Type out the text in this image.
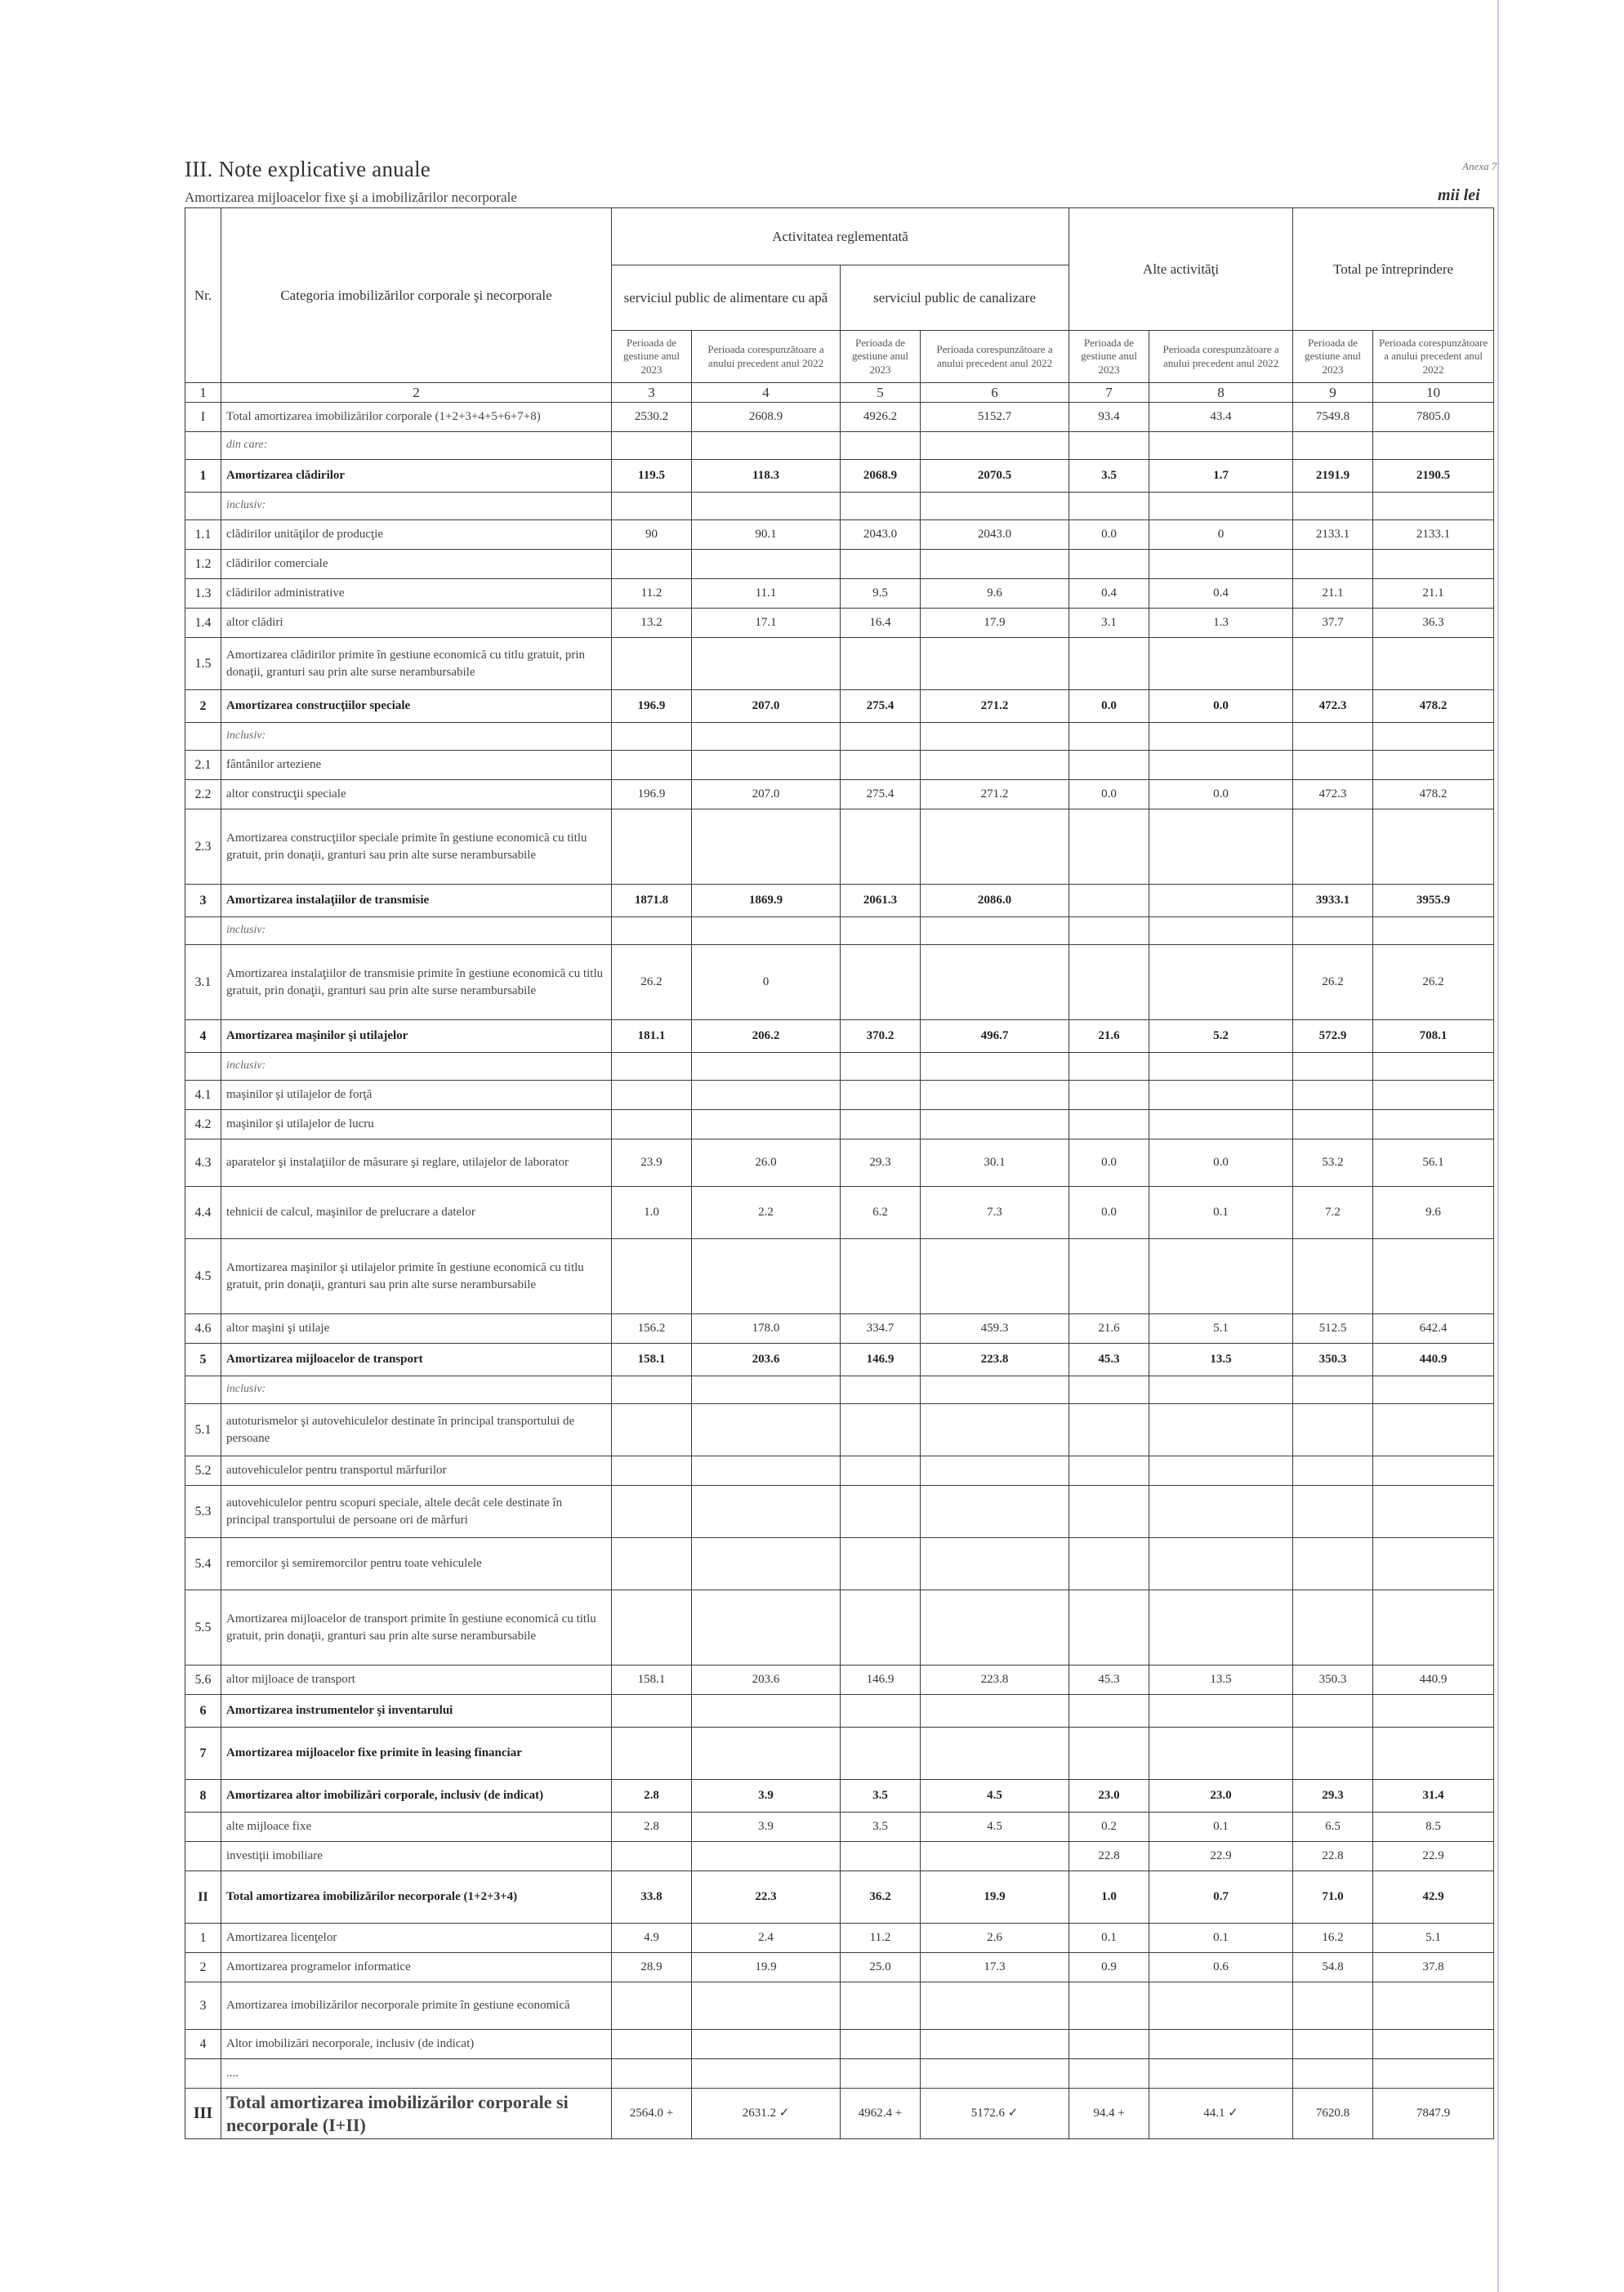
Anexa 7
III. Note explicative anuale
Amortizarea mijloacelor fixe şi a imobilizărilor necorporale	mii lei
Nr.	Categoria imobilizărilor corporale şi necorporale	Activitatea reglementată				Alte activităţi		Total pe întreprindere	
		serviciul public de alimentare cu apă		serviciul public de canalizare					
		Perioada de gestiune anul 2023	Perioada corespunzătoare a anului precedent anul 2022	Perioada de gestiune anul 2023	Perioada corespunzătoare a anului precedent anul 2022	Perioada de gestiune anul 2023	Perioada corespunzătoare a anului precedent anul 2022	Perioada de gestiune anul 2023	Perioada corespunzătoare a anului precedent anul 2022
1	2	3	4	5	6	7	8	9	10
I	Total amortizarea imobilizărilor corporale (1+2+3+4+5+6+7+8)	2530.2	2608.9	4926.2	5152.7	93.4	43.4	7549.8	7805.0
	din care:								
1	Amortizarea clădirilor	119.5	118.3	2068.9	2070.5	3.5	1.7	2191.9	2190.5
	inclusiv:								
1.1	clădirilor unităţilor de producţie	90	90.1	2043.0	2043.0	0.0	0	2133.1	2133.1
1.2	clădirilor comerciale								
1.3	clădirilor administrative	11.2	11.1	9.5	9.6	0.4	0.4	21.1	21.1
1.4	altor clădiri	13.2	17.1	16.4	17.9	3.1	1.3	37.7	36.3
1.5	Amortizarea clădirilor primite în gestiune economică cu titlu gratuit, prin donaţii, granturi sau prin alte surse nerambursabile								
2	Amortizarea construcţiilor speciale	196.9	207.0	275.4	271.2	0.0	0.0	472.3	478.2
	inclusiv:								
2.1	fântânilor arteziene								
2.2	altor construcţii speciale	196.9	207.0	275.4	271.2	0.0	0.0	472.3	478.2
2.3	Amortizarea construcţiilor speciale primite în gestiune economică cu titlu gratuit, prin donaţii, granturi sau prin alte surse nerambursabile								
3	Amortizarea instalaţiilor de transmisie	1871.8	1869.9	2061.3	2086.0			3933.1	3955.9
	inclusiv:								
3.1	Amortizarea instalaţiilor de transmisie primite în gestiune economică cu titlu gratuit, prin donaţii, granturi sau prin alte surse nerambursabile	26.2	0					26.2	26.2
4	Amortizarea maşinilor şi utilajelor	181.1	206.2	370.2	496.7	21.6	5.2	572.9	708.1
	inclusiv:								
4.1	maşinilor şi utilajelor de forţă								
4.2	maşinilor şi utilajelor de lucru								
4.3	aparatelor şi instalaţiilor de măsurare şi reglare, utilajelor de laborator	23.9	26.0	29.3	30.1	0.0	0.0	53.2	56.1
4.4	tehnicii de calcul, maşinilor de prelucrare a datelor	1.0	2.2	6.2	7.3	0.0	0.1	7.2	9.6
4.5	Amortizarea maşinilor şi utilajelor primite în gestiune economică cu titlu gratuit, prin donaţii, granturi sau prin alte surse nerambursabile								
4.6	altor maşini şi utilaje	156.2	178.0	334.7	459.3	21.6	5.1	512.5	642.4
5	Amortizarea mijloacelor de transport	158.1	203.6	146.9	223.8	45.3	13.5	350.3	440.9
	inclusiv:								
5.1	autoturismelor şi autovehiculelor destinate în principal transportului de persoane								
5.2	autovehiculelor pentru transportul mărfurilor								
5.3	autovehiculelor pentru scopuri speciale, altele decât cele destinate în principal transportului de persoane ori de mărfuri								
5.4	remorcilor şi semiremorcilor pentru toate vehiculele								
5.5	Amortizarea mijloacelor de transport primite în gestiune economică cu titlu gratuit, prin donaţii, granturi sau prin alte surse nerambursabile								
5.6	altor mijloace de transport	158.1	203.6	146.9	223.8	45.3	13.5	350.3	440.9
6	Amortizarea instrumentelor şi inventarului								
7	Amortizarea mijloacelor fixe primite în leasing financiar								
8	Amortizarea altor imobilizări corporale, inclusiv (de indicat)	2.8	3.9	3.5	4.5	23.0	23.0	29.3	31.4
	alte mijloace fixe	2.8	3.9	3.5	4.5	0.2	0.1	6.5	8.5
	investiţii imobiliare					22.8	22.9	22.8	22.9
II	Total amortizarea imobilizărilor necorporale (1+2+3+4)	33.8	22.3	36.2	19.9	1.0	0.7	71.0	42.9
1	Amortizarea licenţelor	4.9	2.4	11.2	2.6	0.1	0.1	16.2	5.1
2	Amortizarea programelor informatice	28.9	19.9	25.0	17.3	0.9	0.6	54.8	37.8
3	Amortizarea imobilizărilor necorporale primite în gestiune economică								
4	Altor imobilizări necorporale, inclusiv (de indicat)								
	....								
III	Total amortizarea imobilizărilor corporale si necorporale (I+II)	2564.0 +	2631.2 ✓	4962.4 +	5172.6 ✓	94.4 +	44.1 ✓	7620.8	7847.9
